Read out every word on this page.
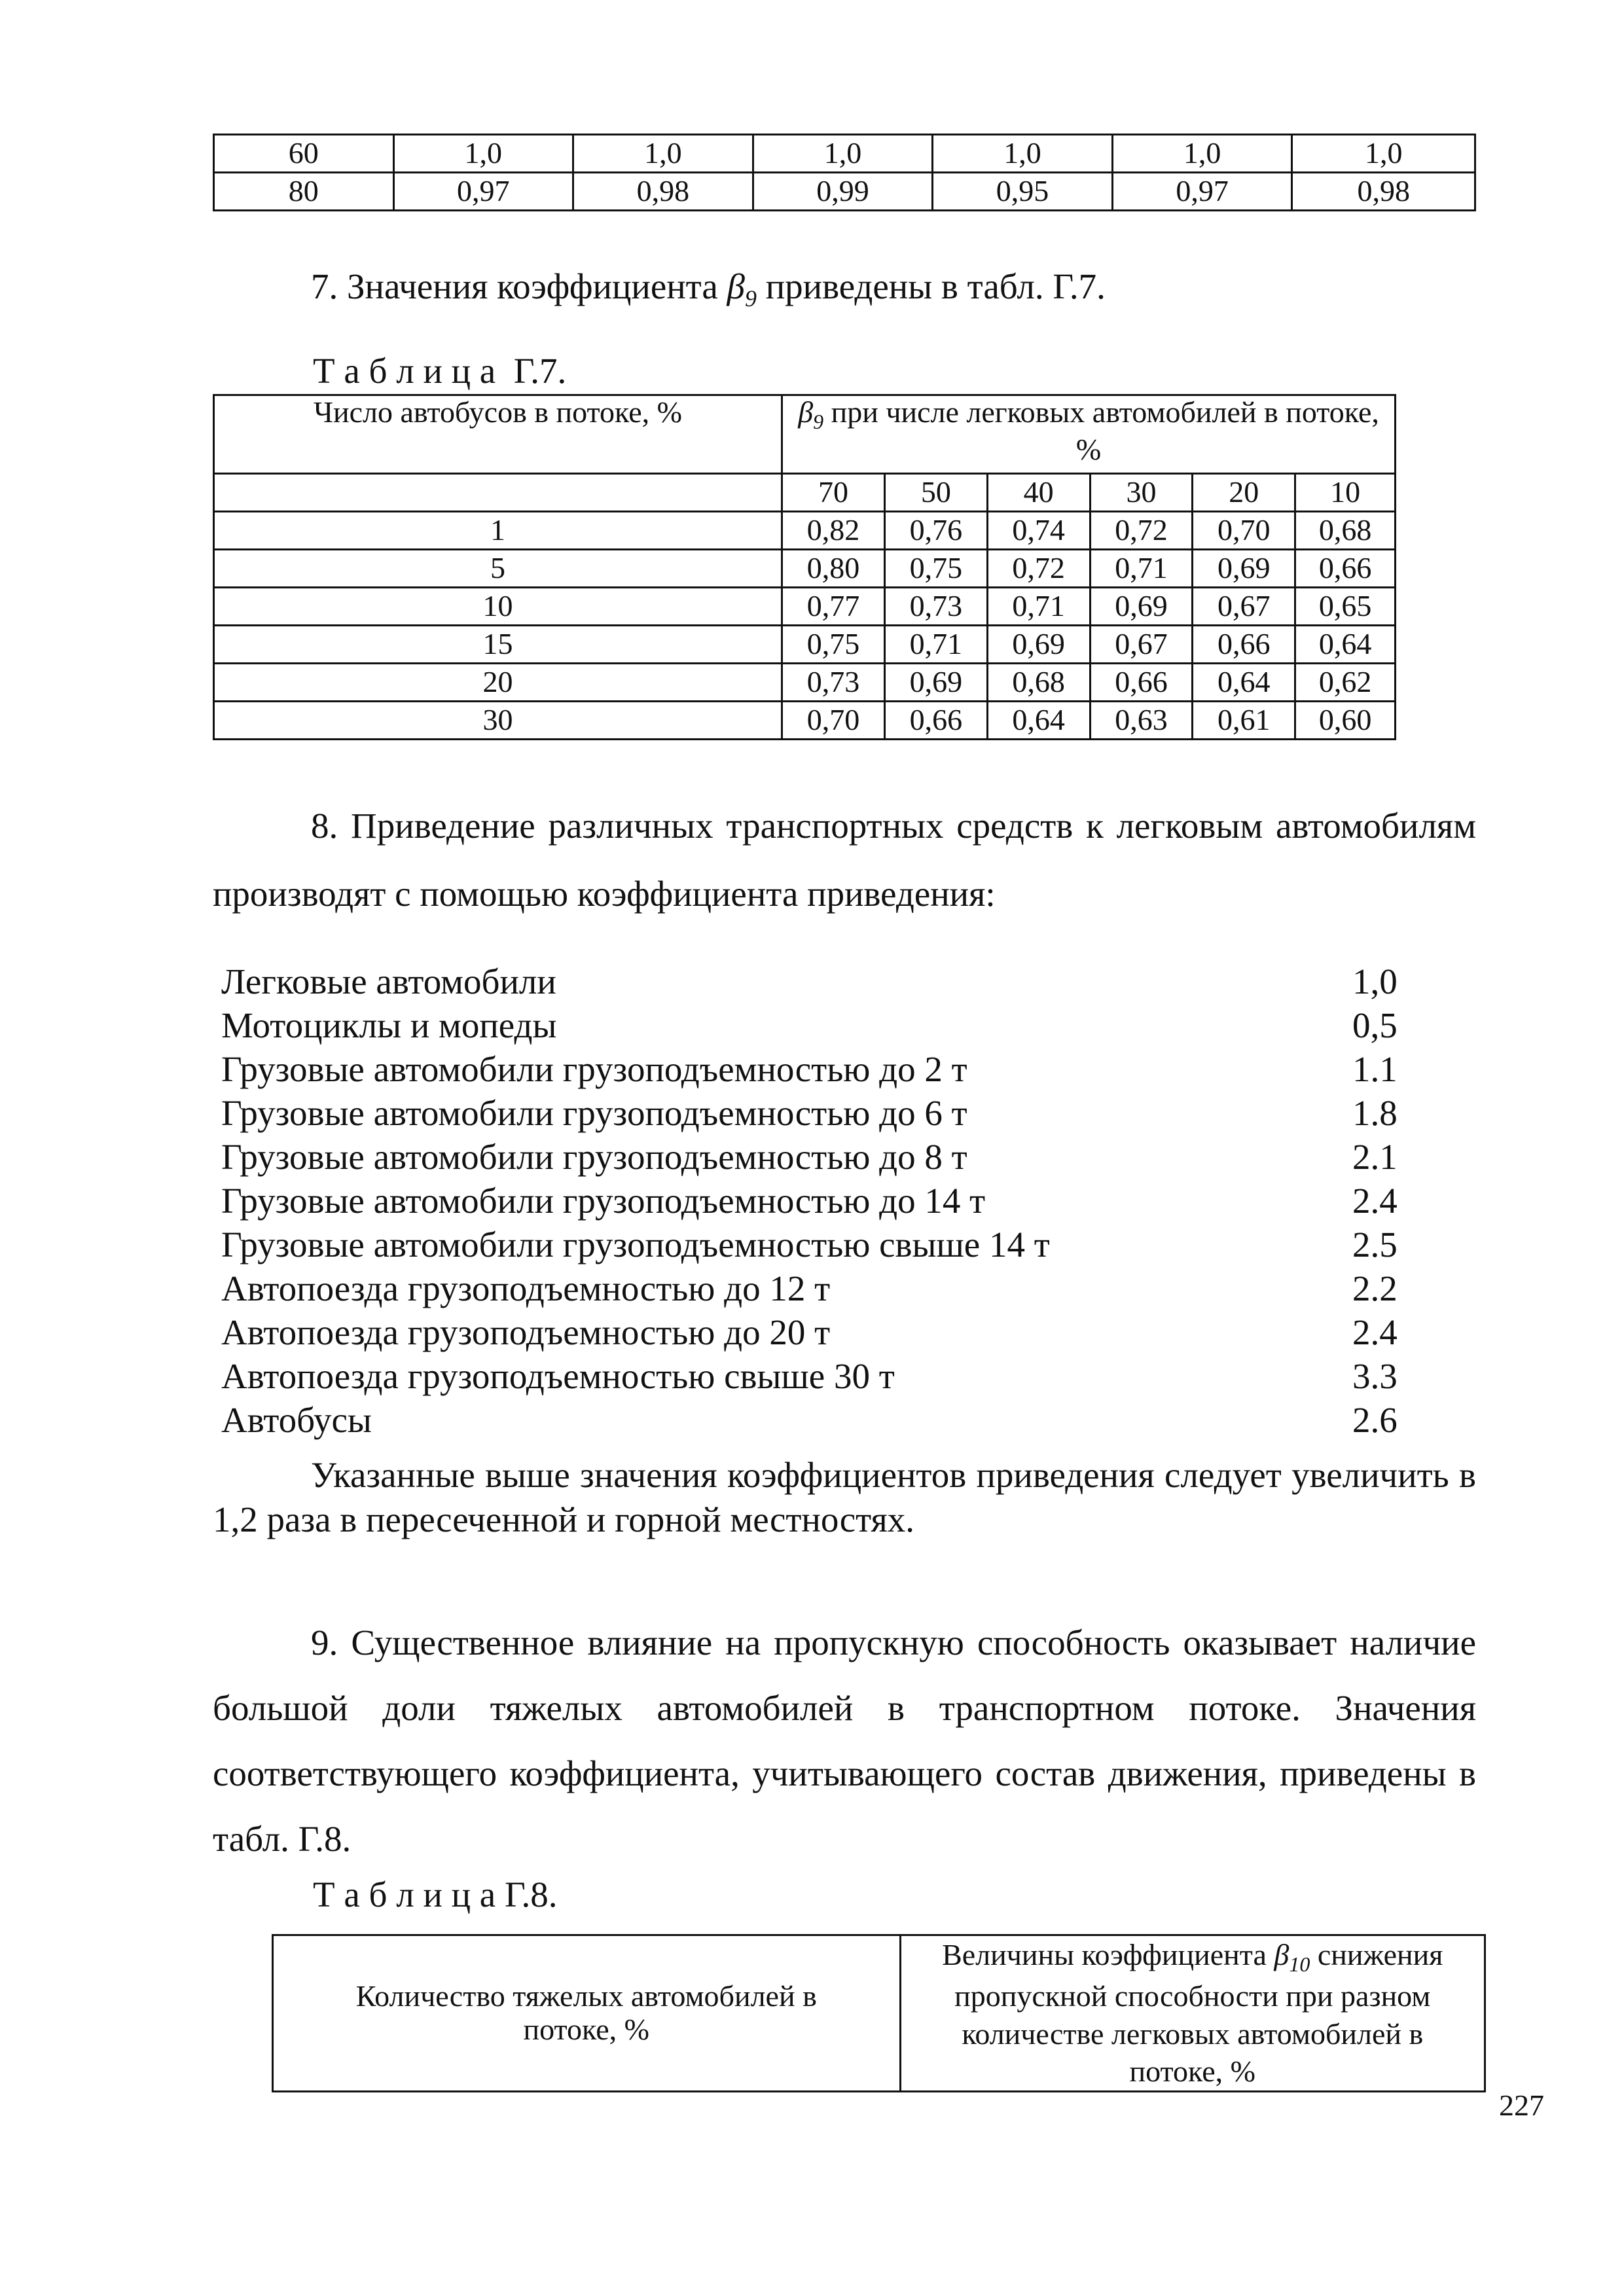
60	1,0	1,0	1,0	1,0	1,0	1,0
80	0,97	0,98	0,99	0,95	0,97	0,98
7. Значения коэффициента $\beta_9$ приведены в табл. Г.7.
Т а б л и ц а  Г.7.
Число автобусов в потоке, %	$\beta_9$ при числе легковых автомобилей в потоке, %					
	70	50	40	30	20	10
1	0,82	0,76	0,74	0,72	0,70	0,68
5	0,80	0,75	0,72	0,71	0,69	0,66
10	0,77	0,73	0,71	0,69	0,67	0,65
15	0,75	0,71	0,69	0,67	0,66	0,64
20	0,73	0,69	0,68	0,66	0,64	0,62
30	0,70	0,66	0,64	0,63	0,61	0,60
8. Приведение различных транспортных средств к легковым автомобилям производят с помощью коэффициента приведения:
Легковые автомобили	1,0
Мотоциклы и мопеды	0,5
Грузовые автомобили грузоподъемностью до 2 т	1.1
Грузовые автомобили грузоподъемностью до 6 т	1.8
Грузовые автомобили грузоподъемностью до 8 т	2.1
Грузовые автомобили грузоподъемностью до 14 т	2.4
Грузовые автомобили грузоподъемностью свыше 14 т	2.5
Автопоезда грузоподъемностью до 12 т	2.2
Автопоезда грузоподъемностью до 20 т	2.4
Автопоезда грузоподъемностью свыше 30 т	3.3
Автобусы	2.6
Указанные выше значения коэффициентов приведения следует увеличить в 1,2 раза в пересеченной и горной местностях.
9. Существенное влияние на пропускную способность оказывает наличие большой доли тяжелых автомобилей в транспортном потоке. Значения соответствующего коэффициента, учитывающего состав движения, приведены в табл. Г.8.
Т а б л и ц а Г.8.
Количество тяжелых автомобилей в потоке, %	Величины коэффициента $\beta_{10}$ снижения пропускной способности при разном количестве легковых автомобилей в потоке, %
227
